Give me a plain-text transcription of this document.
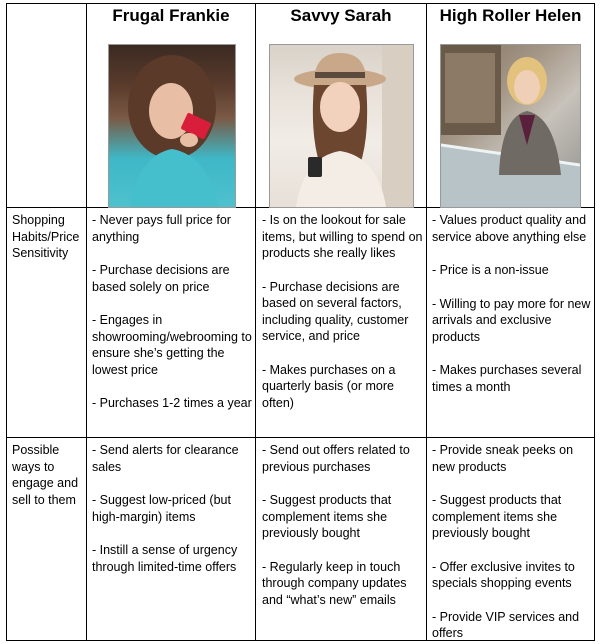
Frugal Frankie	Savvy Sarah	High Roller Helen
Shopping Habits/Price Sensitivity
Possible ways to engage and sell to them

- Never pays full price for anything

- Purchase decisions are based solely on price

- Engages in showrooming/webrooming to ensure she’s getting the lowest price

- Purchases 1-2 times a year

- Is on the lookout for sale items, but willing to spend on products she really likes

- Purchase decisions are based on several factors, including quality, customer service, and price

- Makes purchases on a quarterly basis (or more often)

- Values product quality and service above anything else

- Price is a non-issue

- Willing to pay more for new arrivals and exclusive products

- Makes purchases several times a month

- Send alerts for clearance sales

- Suggest low-priced (but high-margin) items

- Instill a sense of urgency through limited-time offers

- Send out offers related to previous purchases

- Suggest products that complement items she previously bought

- Regularly keep in touch through company updates and “what’s new” emails

- Provide sneak peeks on new products

- Suggest products that complement items she previously bought

- Offer exclusive invites to specials shopping events

- Provide VIP services and offers
